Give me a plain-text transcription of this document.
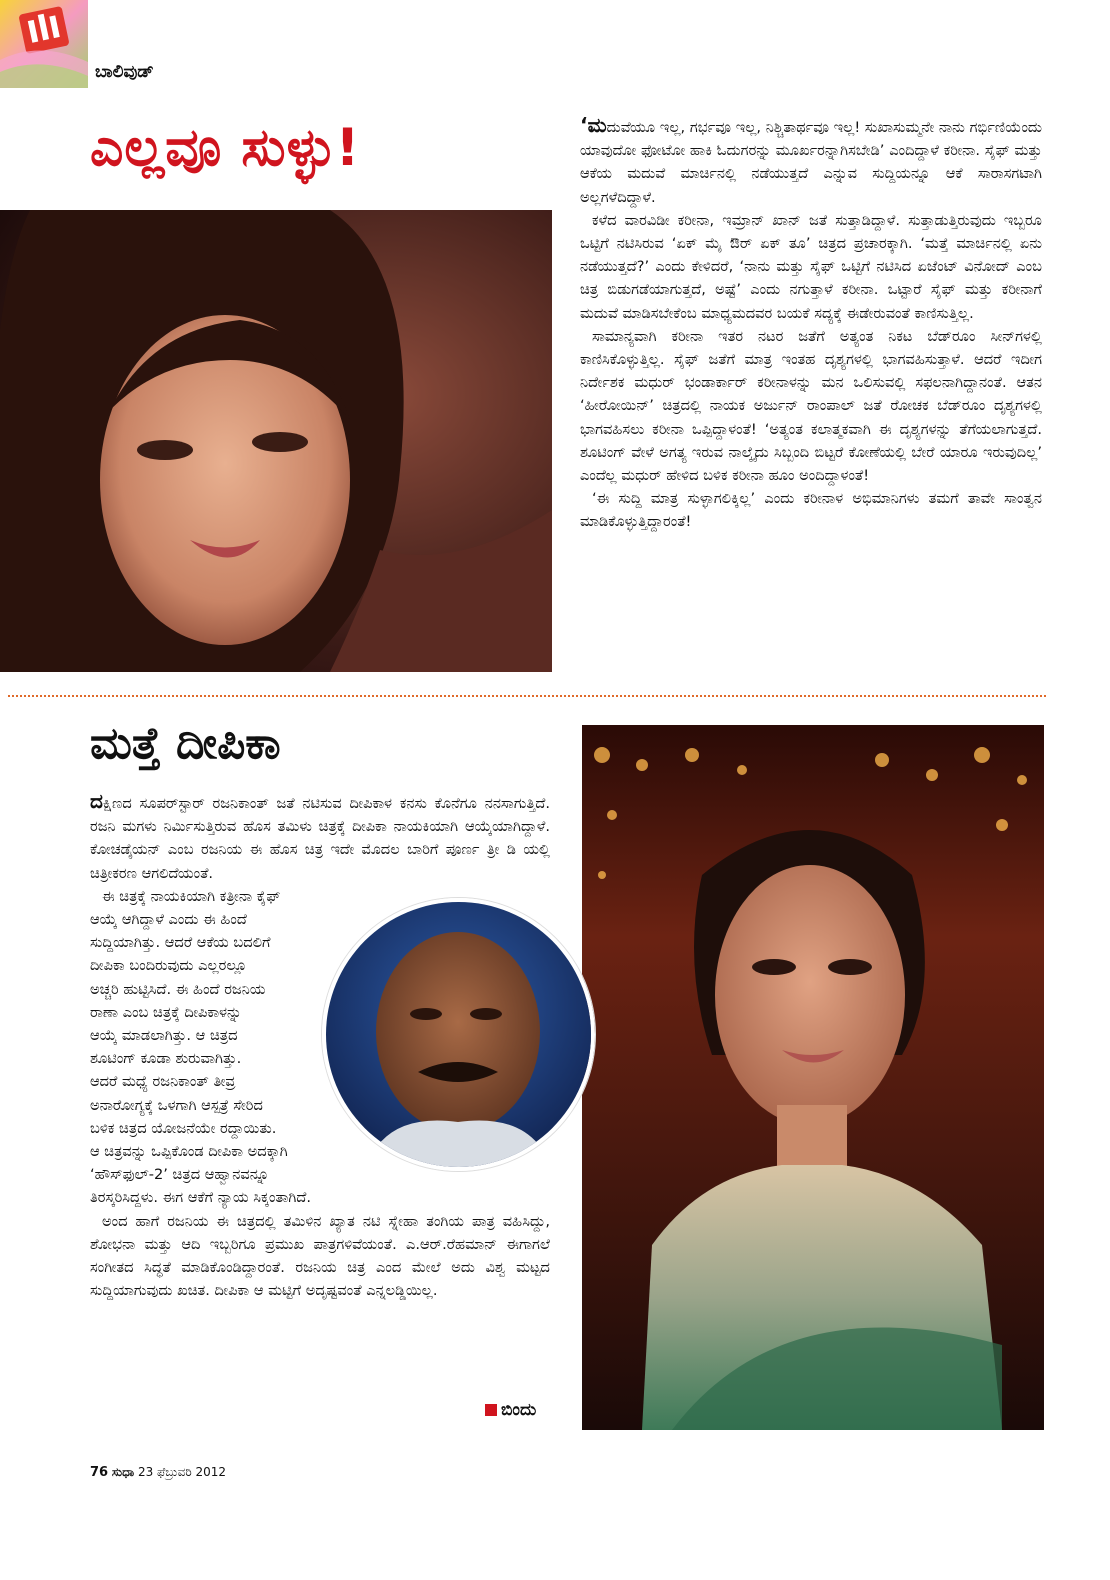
ಬಾಲಿವುಡ್
ಎಲ್ಲವೂ ಸುಳ್ಳು!	‘ಮದುವೆಯೂ ಇಲ್ಲ, ಗರ್ಭವೂ ಇಲ್ಲ, ನಿಶ್ಚಿತಾರ್ಥವೂ ಇಲ್ಲ! ಸುಖಾಸುಮ್ಮನೇ ನಾನು ಗರ್ಭಿಣಿಯೆಂದು ಯಾವುದೋ ಫೋಟೋ ಹಾಕಿ ಓದುಗರನ್ನು ಮೂರ್ಖರನ್ನಾಗಿಸಬೇಡಿ’ ಎಂದಿದ್ದಾಳೆ ಕರೀನಾ. ಸೈಫ್ ಮತ್ತು ಆಕೆಯ ಮದುವೆ ಮಾರ್ಚಿನಲ್ಲಿ ನಡೆಯುತ್ತದೆ ಎನ್ನುವ ಸುದ್ದಿಯನ್ನೂ ಆಕೆ ಸಾರಾಸಗಟಾಗಿ ಅಲ್ಲಗಳೆದಿದ್ದಾಳೆ.

ಕಳೆದ ವಾರವಿಡೀ ಕರೀನಾ, ಇಮ್ರಾನ್ ಖಾನ್ ಜತೆ ಸುತ್ತಾಡಿದ್ದಾಳೆ. ಸುತ್ತಾಡುತ್ತಿರುವುದು ಇಬ್ಬರೂ ಒಟ್ಟಿಗೆ ನಟಿಸಿರುವ ‘ಏಕ್ ಮೈ ಔರ್ ಏಕ್ ತೂ’ ಚಿತ್ರದ ಪ್ರಚಾರಕ್ಕಾಗಿ. ‘ಮತ್ತೆ ಮಾರ್ಚಿನಲ್ಲಿ ಏನು ನಡೆಯುತ್ತದೆ?’ ಎಂದು ಕೇಳಿದರೆ, ‘ನಾನು ಮತ್ತು ಸೈಫ್ ಒಟ್ಟಿಗೆ ನಟಿಸಿದ ಏಜೆಂಟ್ ವಿನೋದ್ ಎಂಬ ಚಿತ್ರ ಬಿಡುಗಡೆಯಾಗುತ್ತದೆ, ಅಷ್ಟೆ’ ಎಂದು ನಗುತ್ತಾಳೆ ಕರೀನಾ. ಒಟ್ಟಾರೆ ಸೈಫ್ ಮತ್ತು ಕರೀನಾಗೆ ಮದುವೆ ಮಾಡಿಸಬೇಕೆಂಬ ಮಾಧ್ಯಮದವರ ಬಯಕೆ ಸದ್ಯಕ್ಕೆ ಈಡೇರುವಂತೆ ಕಾಣಿಸುತ್ತಿಲ್ಲ.

ಸಾಮಾನ್ಯವಾಗಿ ಕರೀನಾ ಇತರ ನಟರ ಜತೆಗೆ ಅತ್ಯಂತ ನಿಕಟ ಬೆಡ್‌ರೂಂ ಸೀನ್‌ಗಳಲ್ಲಿ ಕಾಣಿಸಿಕೊಳ್ಳುತ್ತಿಲ್ಲ. ಸೈಫ್ ಜತೆಗೆ ಮಾತ್ರ ಇಂತಹ ದೃಶ್ಯಗಳಲ್ಲಿ ಭಾಗವಹಿಸುತ್ತಾಳೆ. ಆದರೆ ಇದೀಗ ನಿರ್ದೇಶಕ ಮಧುರ್ ಭಂಡಾರ್ಕಾರ್ ಕರೀನಾಳನ್ನು ಮನ ಒಲಿಸುವಲ್ಲಿ ಸಫಲನಾಗಿದ್ದಾನಂತೆ. ಆತನ ‘ಹೀರೋಯಿನ್’ ಚಿತ್ರದಲ್ಲಿ ನಾಯಕ ಅರ್ಜುನ್ ರಾಂಪಾಲ್ ಜತೆ ರೋಚಕ ಬೆಡ್‌ರೂಂ ದೃಶ್ಯಗಳಲ್ಲಿ ಭಾಗವಹಿಸಲು ಕರೀನಾ ಒಪ್ಪಿದ್ದಾಳಂತೆ! ‘ಅತ್ಯಂತ ಕಲಾತ್ಮಕವಾಗಿ ಈ ದೃಶ್ಯಗಳನ್ನು ತೆಗೆಯಲಾಗುತ್ತದೆ. ಶೂಟಿಂಗ್ ವೇಳೆ ಅಗತ್ಯ ಇರುವ ನಾಲ್ಕೈದು ಸಿಬ್ಬಂದಿ ಬಿಟ್ಟರೆ ಕೋಣೆಯಲ್ಲಿ ಬೇರೆ ಯಾರೂ ಇರುವುದಿಲ್ಲ’ ಎಂದೆಲ್ಲ ಮಧುರ್ ಹೇಳಿದ ಬಳಿಕ ಕರೀನಾ ಹೂಂ ಅಂದಿದ್ದಾಳಂತೆ!

‘ಈ ಸುದ್ದಿ ಮಾತ್ರ ಸುಳ್ಳಾಗಲಿಕ್ಕಿಲ್ಲ’ ಎಂದು ಕರೀನಾಳ ಅಭಿಮಾನಿಗಳು ತಮಗೆ ತಾವೇ ಸಾಂತ್ವನ ಮಾಡಿಕೊಳ್ಳುತ್ತಿದ್ದಾರಂತೆ!

ಮತ್ತೆ ದೀಪಿಕಾ

ದಕ್ಷಿಣದ ಸೂಪರ್‌ಸ್ಟಾರ್ ರಜನಿಕಾಂತ್ ಜತೆ ನಟಿಸುವ ದೀಪಿಕಾಳ ಕನಸು ಕೊನೆಗೂ ನನಸಾಗುತ್ತಿದೆ. ರಜನಿ ಮಗಳು ನಿರ್ಮಿಸುತ್ತಿರುವ ಹೊಸ ತಮಿಳು ಚಿತ್ರಕ್ಕೆ ದೀಪಿಕಾ ನಾಯಕಿಯಾಗಿ ಆಯ್ಕೆಯಾಗಿದ್ದಾಳೆ. ಕೋಚಡೈಯನ್ ಎಂಬ ರಜನಿಯ ಈ ಹೊಸ ಚಿತ್ರ ಇದೇ ಮೊದಲ ಬಾರಿಗೆ ಪೂರ್ಣ ತ್ರೀ ಡಿ ಯಲ್ಲಿ ಚಿತ್ರೀಕರಣ ಆಗಲಿದೆಯಂತೆ.

ಈ ಚಿತ್ರಕ್ಕೆ ನಾಯಕಿಯಾಗಿ ಕತ್ರೀನಾ ಕೈಫ್
ಆಯ್ಕೆ ಆಗಿದ್ದಾಳೆ ಎಂದು ಈ ಹಿಂದೆ
ಸುದ್ದಿಯಾಗಿತ್ತು. ಆದರೆ ಆಕೆಯ ಬದಲಿಗೆ
ದೀಪಿಕಾ ಬಂದಿರುವುದು ಎಲ್ಲರಲ್ಲೂ
ಅಚ್ಚರಿ ಹುಟ್ಟಿಸಿದೆ. ಈ ಹಿಂದೆ ರಜನಿಯ
ರಾಣಾ ಎಂಬ ಚಿತ್ರಕ್ಕೆ ದೀಪಿಕಾಳನ್ನು
ಆಯ್ಕೆ ಮಾಡಲಾಗಿತ್ತು. ಆ ಚಿತ್ರದ
ಶೂಟಿಂಗ್ ಕೂಡಾ ಶುರುವಾಗಿತ್ತು.
ಆದರೆ ಮಧ್ಯೆ ರಜನಿಕಾಂತ್ ತೀವ್ರ
ಅನಾರೋಗ್ಯಕ್ಕೆ ಒಳಗಾಗಿ ಆಸ್ಪತ್ರೆ ಸೇರಿದ
ಬಳಿಕ ಚಿತ್ರದ ಯೋಜನೆಯೇ ರದ್ದಾಯಿತು.
ಆ ಚಿತ್ರವನ್ನು ಒಪ್ಪಿಕೊಂಡ ದೀಪಿಕಾ ಅದಕ್ಕಾಗಿ
‘ಹೌಸ್‌ಫುಲ್-2’ ಚಿತ್ರದ ಆಹ್ವಾನವನ್ನೂ
ತಿರಸ್ಕರಿಸಿದ್ದಳು. ಈಗ ಆಕೆಗೆ ನ್ಯಾಯ ಸಿಕ್ಕಂತಾಗಿದೆ.

ಅಂದ ಹಾಗೆ ರಜನಿಯ ಈ ಚಿತ್ರದಲ್ಲಿ ತಮಿಳಿನ ಖ್ಯಾತ ನಟಿ ಸ್ನೇಹಾ ತಂಗಿಯ ಪಾತ್ರ ವಹಿಸಿದ್ದು, ಶೋಭನಾ ಮತ್ತು ಆದಿ ಇಬ್ಬರಿಗೂ ಪ್ರಮುಖ ಪಾತ್ರಗಳಿವೆಯಂತೆ. ಎ.ಆರ್.ರೆಹಮಾನ್ ಈಗಾಗಲೆ ಸಂಗೀತದ ಸಿದ್ಧತೆ ಮಾಡಿಕೊಂಡಿದ್ದಾರಂತೆ. ರಜನಿಯ ಚಿತ್ರ ಎಂದ ಮೇಲೆ ಅದು ವಿಶ್ವ ಮಟ್ಟದ ಸುದ್ದಿಯಾಗುವುದು ಖಚಿತ. ದೀಪಿಕಾ ಆ ಮಟ್ಟಿಗೆ ಅದೃಷ್ಟವಂತೆ ಎನ್ನಲಡ್ಡಿಯಿಲ್ಲ.

ಬಿಂದು
76 ಸುಧಾ 23 ಫೆಬ್ರುವರಿ 2012
